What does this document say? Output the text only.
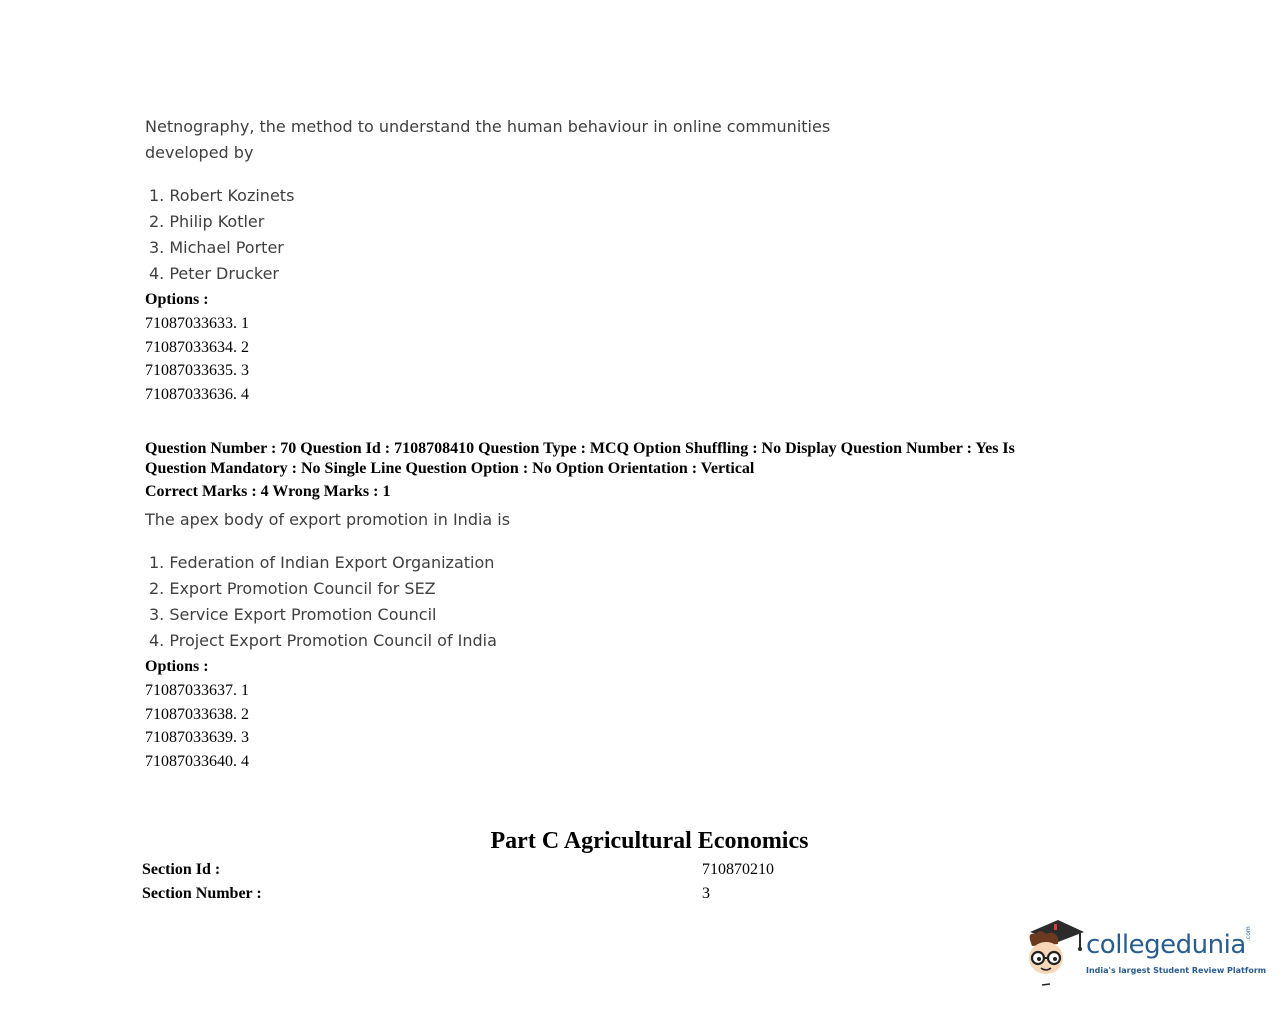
Netnography, the method to understand the human behaviour in online communities
developed by
1. Robert Kozinets
2. Philip Kotler
3. Michael Porter
4. Peter Drucker
Options :
71087033633. 1
71087033634. 2
71087033635. 3
71087033636. 4
Question Number : 70 Question Id : 7108708410 Question Type : MCQ Option Shuffling : No Display Question Number : Yes Is
Question Mandatory : No Single Line Question Option : No Option Orientation : Vertical
Correct Marks : 4 Wrong Marks : 1
The apex body of export promotion in India is
1. Federation of Indian Export Organization
2. Export Promotion Council for SEZ
3. Service Export Promotion Council
4. Project Export Promotion Council of India
Options :
71087033637. 1
71087033638. 2
71087033639. 3
71087033640. 4
Part C Agricultural Economics
Section Id :	710870210
Section Number :	3
collegedunia .com
India's largest Student Review Platform
